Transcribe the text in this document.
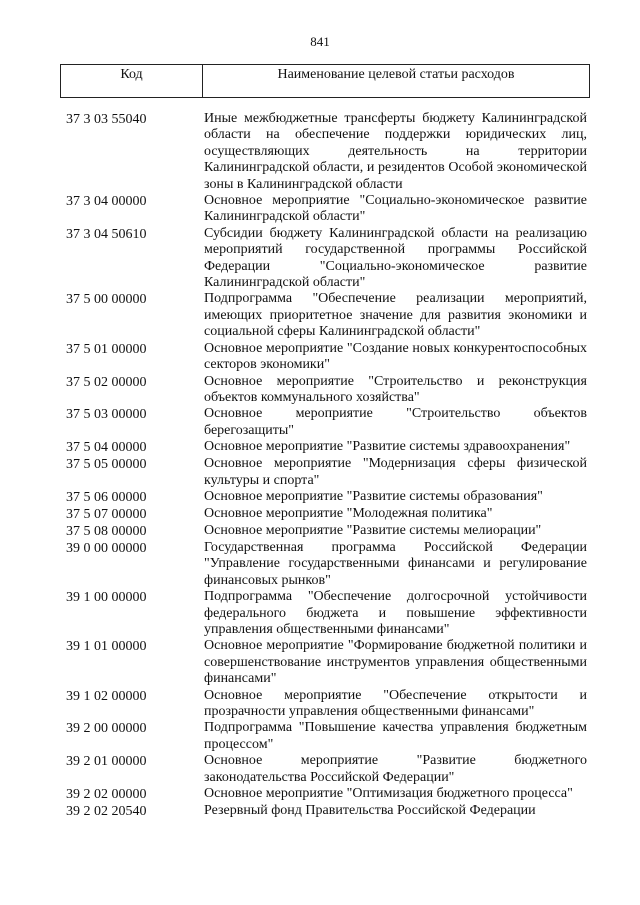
841
Код	Наименование целевой статьи расходов
37 3 03 55040	Иные межбюджетные трансферты бюджету Калининградской области на обеспечение поддержки юридических лиц, осуществляющих деятельность на территории Калининградской области, и резидентов Особой экономической зоны в Калининградской области
37 3 04 00000	Основное мероприятие "Социально-экономическое развитие Калининградской области"
37 3 04 50610	Субсидии бюджету Калининградской области на реализацию мероприятий государственной программы Российской Федерации "Социально-экономическое развитие Калининградской области"
37 5 00 00000	Подпрограмма "Обеспечение реализации мероприятий, имеющих приоритетное значение для развития экономики и социальной сферы Калининградской области"
37 5 01 00000	Основное мероприятие "Создание новых конкурентоспособных секторов экономики"
37 5 02 00000	Основное мероприятие "Строительство и реконструкция объектов коммунального хозяйства"
37 5 03 00000	Основное мероприятие "Строительство объектов берегозащиты"
37 5 04 00000	Основное мероприятие "Развитие системы здравоохранения"
37 5 05 00000	Основное мероприятие "Модернизация сферы физической культуры и спорта"
37 5 06 00000	Основное мероприятие "Развитие системы образования"
37 5 07 00000	Основное мероприятие "Молодежная политика"
37 5 08 00000	Основное мероприятие "Развитие системы мелиорации"
39 0 00 00000	Государственная программа Российской Федерации "Управление государственными финансами и регулирование финансовых рынков"
39 1 00 00000	Подпрограмма "Обеспечение долгосрочной устойчивости федерального бюджета и повышение эффективности управления общественными финансами"
39 1 01 00000	Основное мероприятие "Формирование бюджетной политики и совершенствование инструментов управления общественными финансами"
39 1 02 00000	Основное мероприятие "Обеспечение открытости и прозрачности управления общественными финансами"
39 2 00 00000	Подпрограмма "Повышение качества управления бюджетным процессом"
39 2 01 00000	Основное мероприятие "Развитие бюджетного законодательства Российской Федерации"
39 2 02 00000	Основное мероприятие "Оптимизация бюджетного процесса"
39 2 02 20540	Резервный фонд Правительства Российской Федерации
